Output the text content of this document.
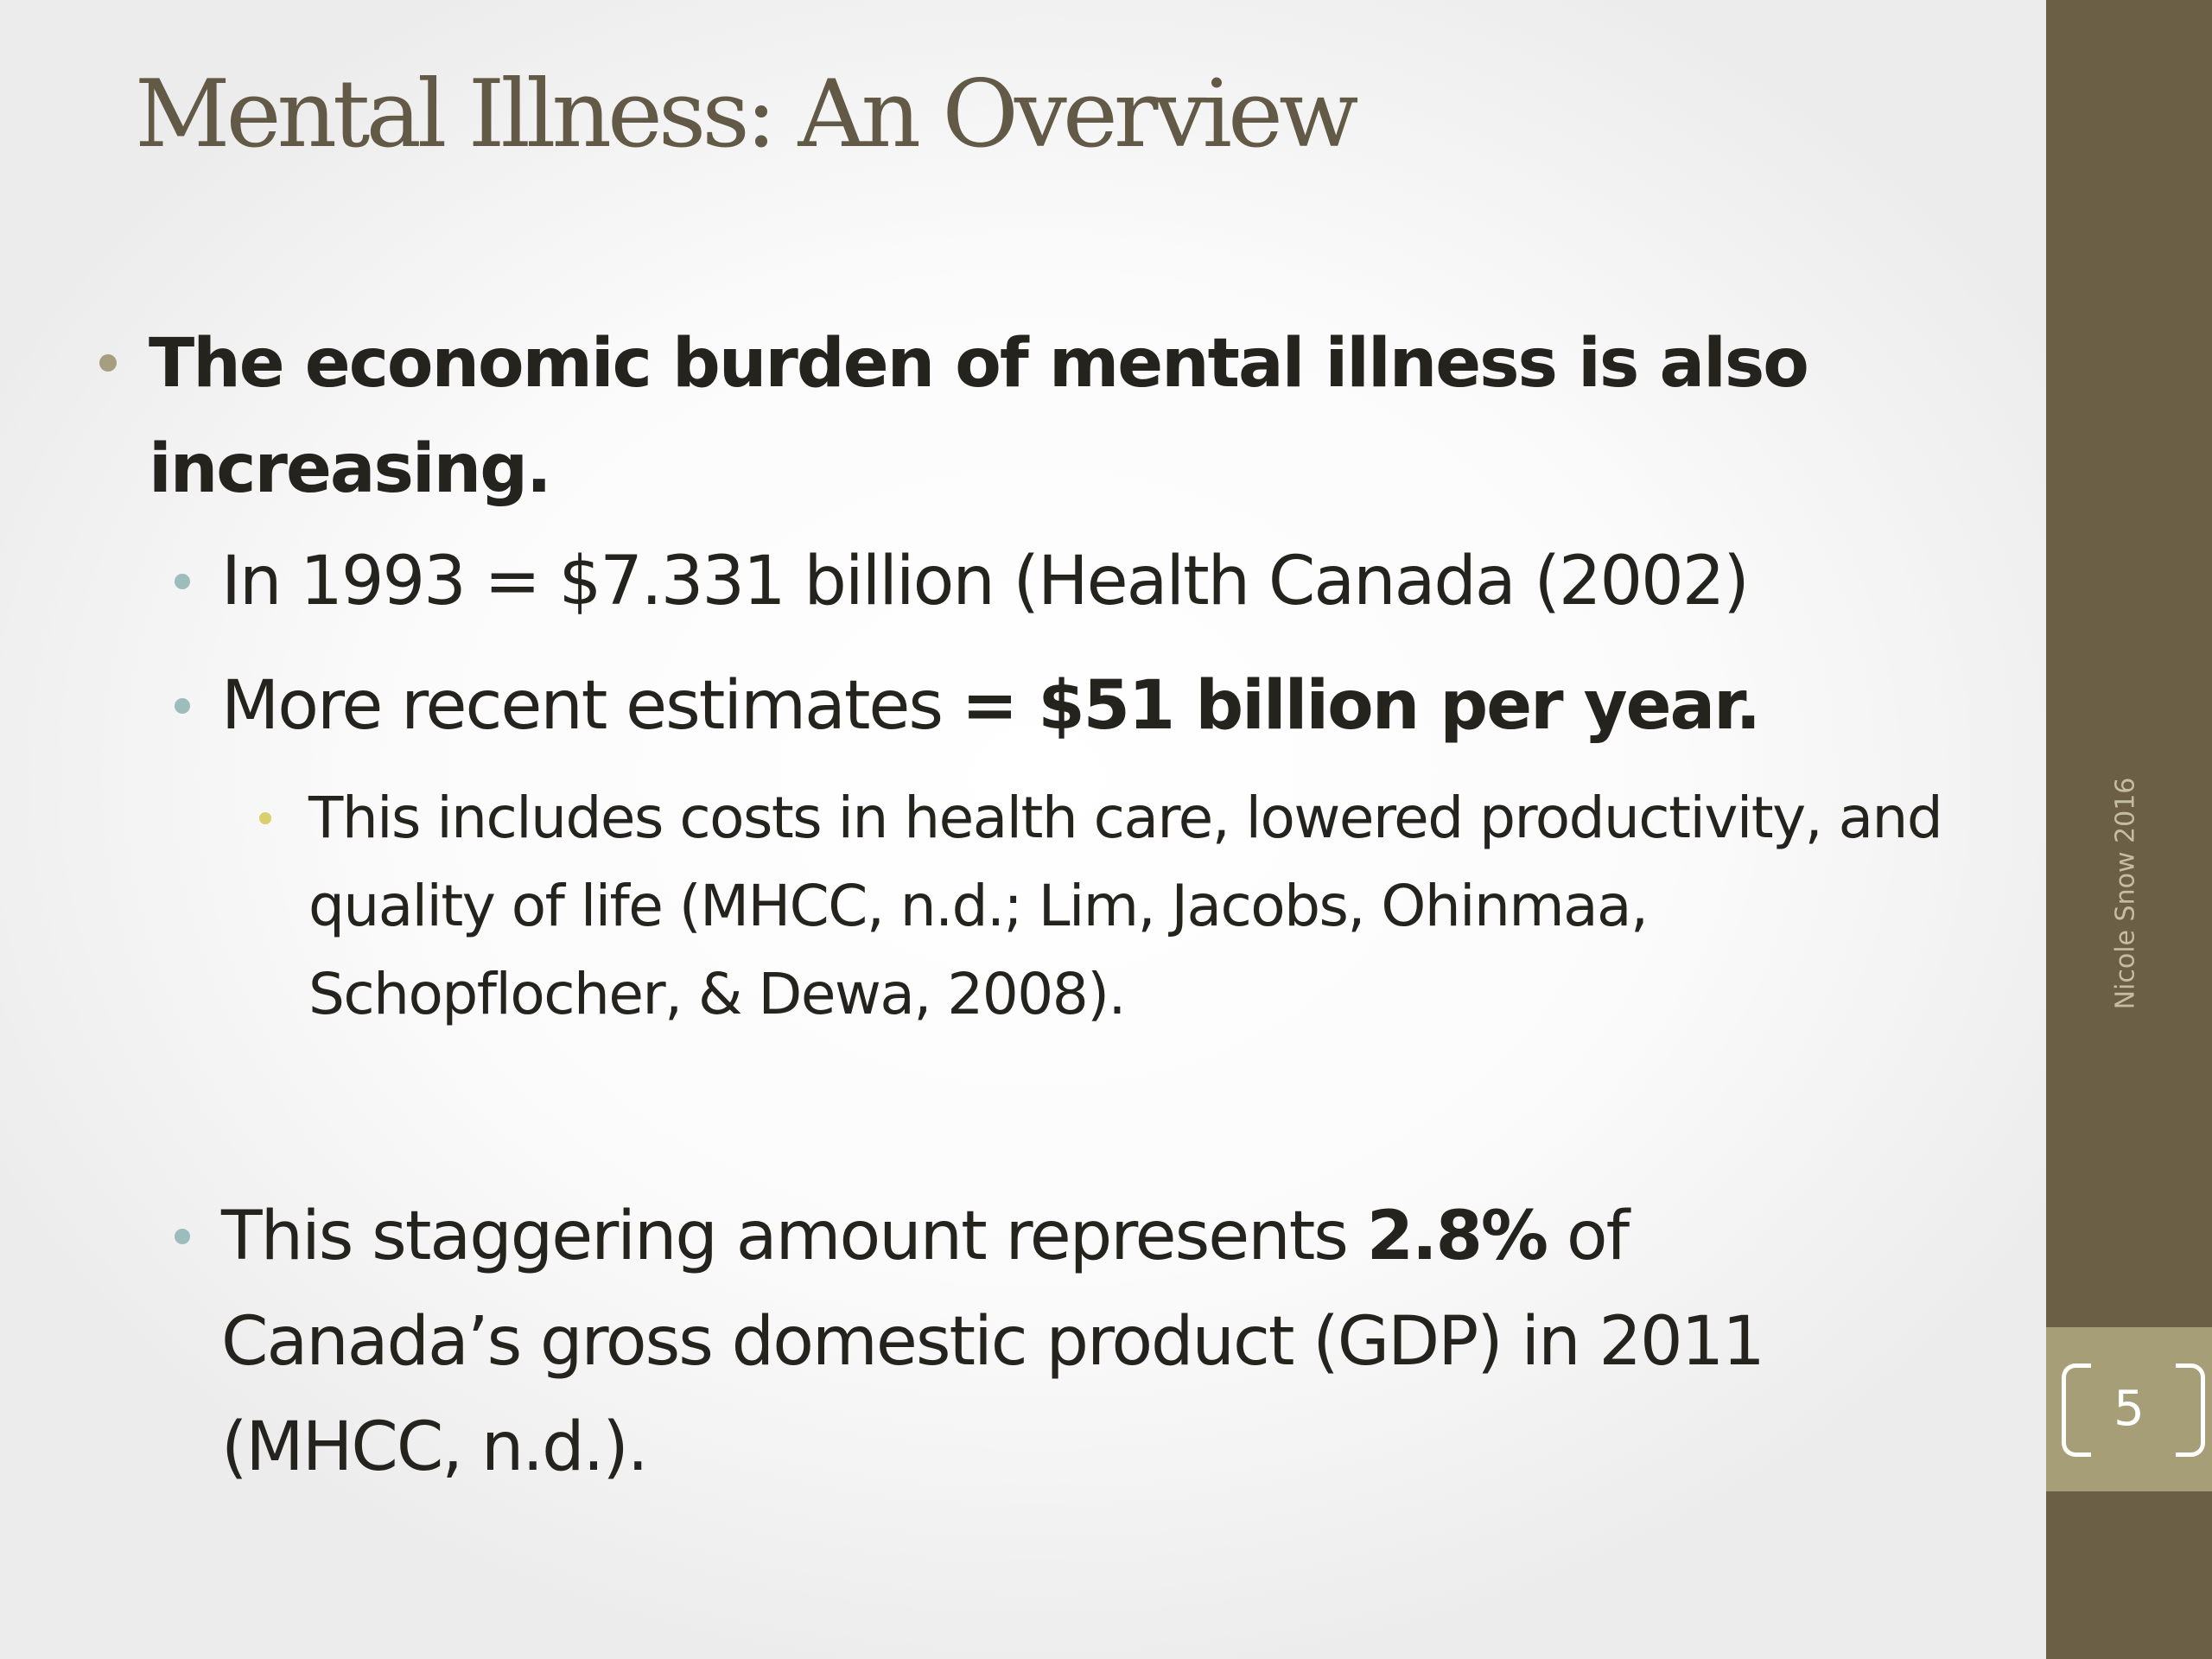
Mental Illness: An Overview
The economic burden of mental illness is also increasing.
In 1993 = $7.331 billion (Health Canada (2002)
More recent estimates = $51 billion per year.
This includes costs in health care, lowered productivity, and quality of life (MHCC, n.d.; Lim, Jacobs, Ohinmaa, Schopflocher, & Dewa, 2008).
This staggering amount represents 2.8% of Canada’s gross domestic product (GDP) in 2011 (MHCC, n.d.).
Nicole Snow 2016
5
